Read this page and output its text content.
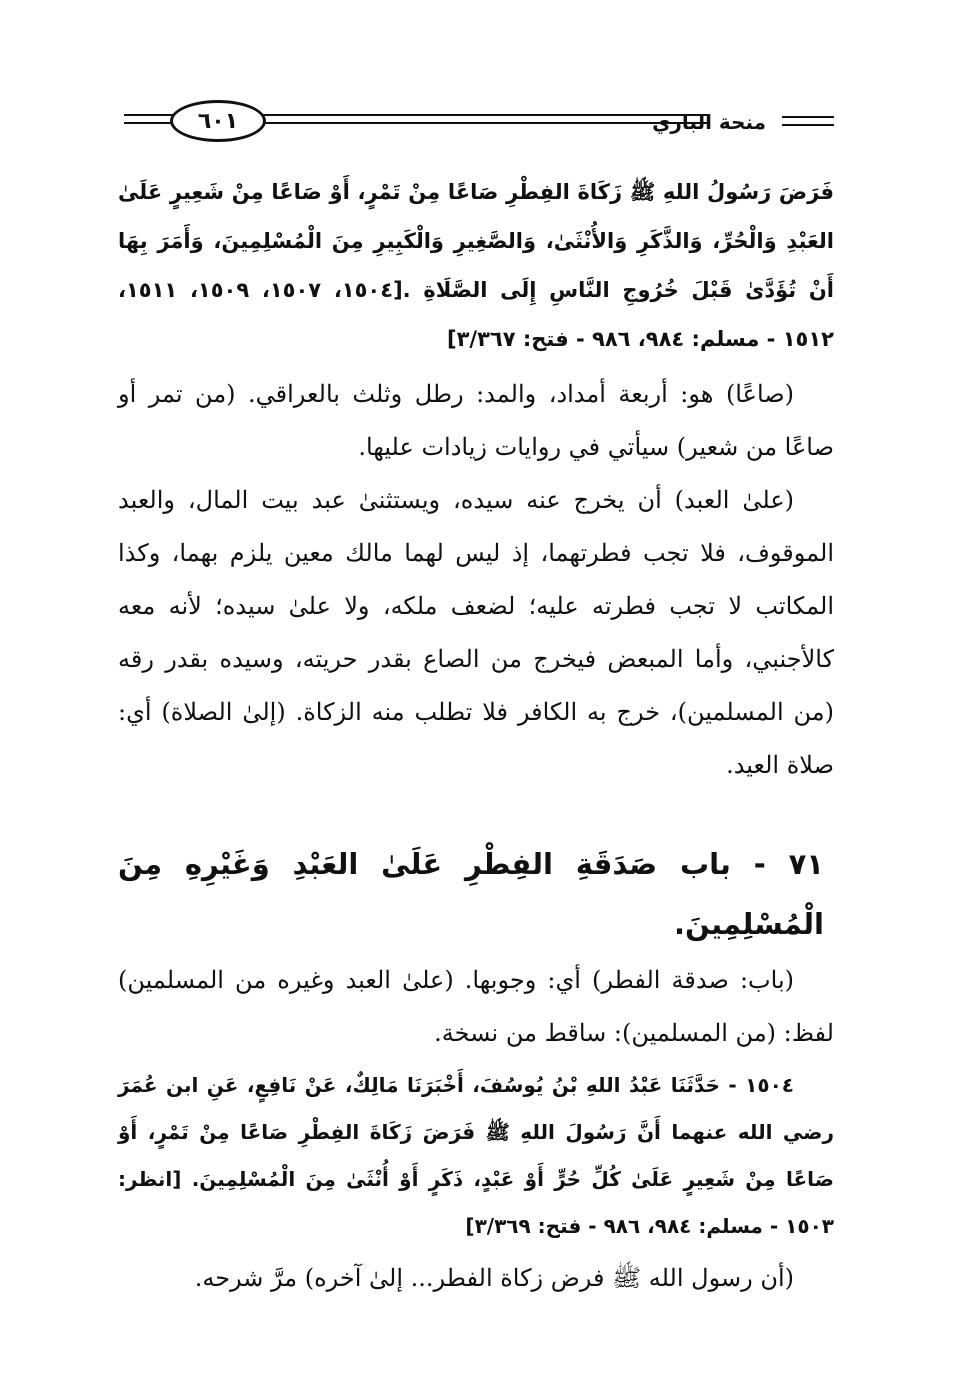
٦٠١	منحة الباري

فَرَضَ رَسُولُ اللهِ ﷺ زَكَاةَ الفِطْرِ صَاعًا مِنْ تَمْرٍ، أَوْ صَاعًا مِنْ شَعِيرٍ عَلَىٰ العَبْدِ وَالْحُرِّ، وَالذَّكَرِ وَالأُنْثَىٰ، وَالصَّغِيرِ وَالْكَبِيرِ مِنَ الْمُسْلِمِينَ، وَأَمَرَ بِهَا أَنْ تُؤَدَّىٰ قَبْلَ خُرُوجِ النَّاسِ إِلَى الصَّلَاةِ .[١٥٠٤، ١٥٠٧، ١٥٠٩، ١٥١١، ١٥١٢ - مسلم: ٩٨٤، ٩٨٦ - فتح: ٣/٣٦٧]

(صاعًا) هو: أربعة أمداد، والمد: رطل وثلث بالعراقي. (من تمر أو صاعًا من شعير) سيأتي في روايات زيادات عليها.

(علىٰ العبد) أن يخرج عنه سيده، ويستثنىٰ عبد بيت المال، والعبد الموقوف، فلا تجب فطرتهما، إذ ليس لهما مالك معين يلزم بهما، وكذا المكاتب لا تجب فطرته عليه؛ لضعف ملكه، ولا علىٰ سيده؛ لأنه معه كالأجنبي، وأما المبعض فيخرج من الصاع بقدر حريته، وسيده بقدر رقه (من المسلمين)، خرج به الكافر فلا تطلب منه الزكاة. (إلىٰ الصلاة) أي: صلاة العيد.

٧١ - باب صَدَقَةِ الفِطْرِ عَلَىٰ العَبْدِ وَغَيْرِهِ مِنَ الْمُسْلِمِينَ.

(باب: صدقة الفطر) أي: وجوبها. (علىٰ العبد وغيره من المسلمين) لفظ: (من المسلمين): ساقط من نسخة.

١٥٠٤ - حَدَّثَنَا عَبْدُ اللهِ بْنُ يُوسُفَ، أَخْبَرَنَا مَالِكٌ، عَنْ نَافِعٍ، عَنِ ابن عُمَرَ رضي الله عنهما أَنَّ رَسُولَ اللهِ ﷺ فَرَضَ زَكَاةَ الفِطْرِ صَاعًا مِنْ تَمْرٍ، أَوْ صَاعًا مِنْ شَعِيرٍ عَلَىٰ كُلِّ حُرٍّ أَوْ عَبْدٍ، ذَكَرٍ أَوْ أُنْثَىٰ مِنَ الْمُسْلِمِينَ. [انظر: ١٥٠٣ - مسلم: ٩٨٤، ٩٨٦ - فتح: ٣/٣٦٩]

(أن رسول الله ﷺ فرض زكاة الفطر... إلىٰ آخره) مرَّ شرحه.
